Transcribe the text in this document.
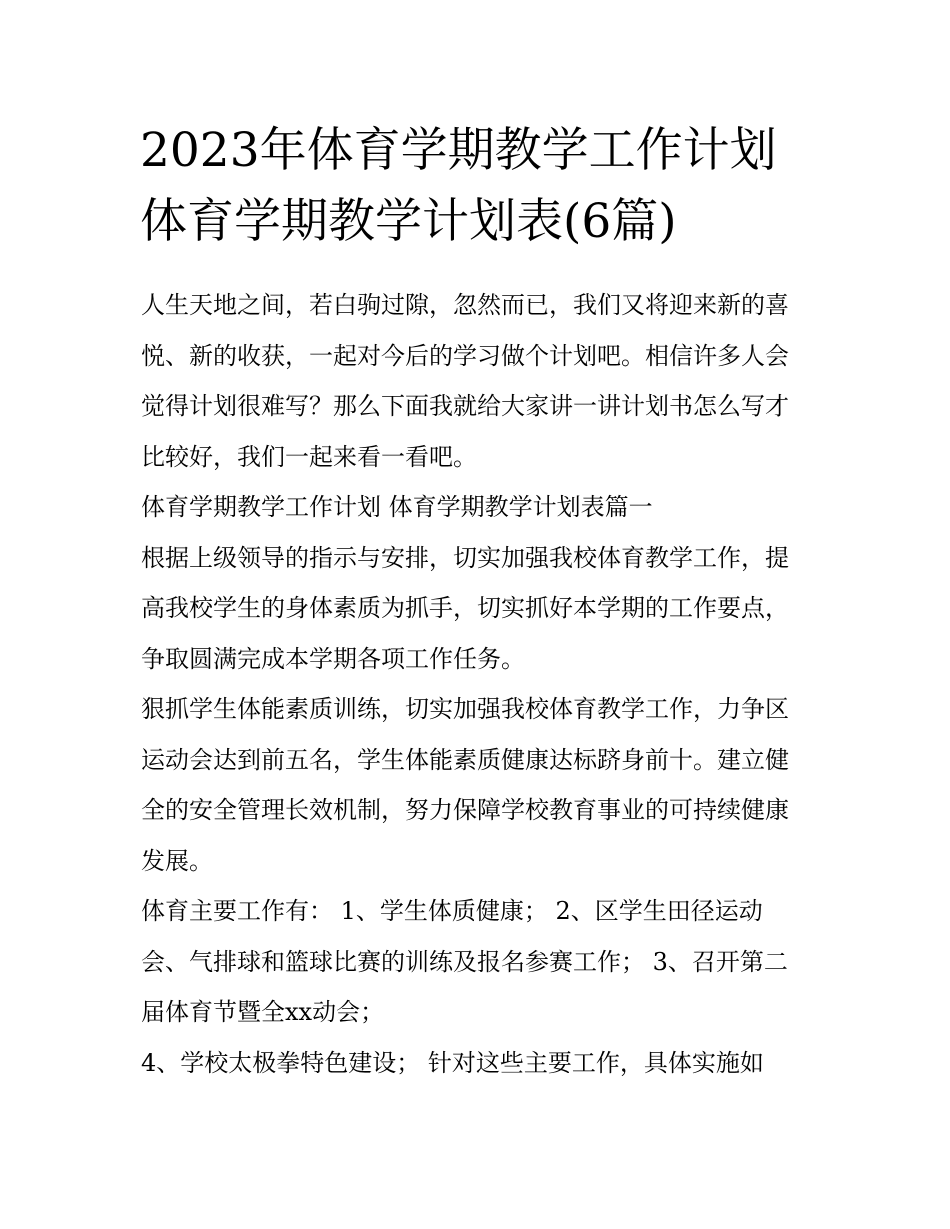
2023年体育学期教学工作计划
体育学期教学计划表(6篇)
人生天地之间，若白驹过隙，忽然而已，我们又将迎来新的喜
悦、新的收获，一起对今后的学习做个计划吧。相信许多人会
觉得计划很难写？那么下面我就给大家讲一讲计划书怎么写才
比较好，我们一起来看一看吧。
体育学期教学工作计划 体育学期教学计划表篇一
根据上级领导的指示与安排，切实加强我校体育教学工作，提
高我校学生的身体素质为抓手，切实抓好本学期的工作要点，
争取圆满完成本学期各项工作任务。
狠抓学生体能素质训练，切实加强我校体育教学工作，力争区
运动会达到前五名，学生体能素质健康达标跻身前十。建立健
全的安全管理长效机制，努力保障学校教育事业的可持续健康
发展。
体育主要工作有： 1、学生体质健康； 2、区学生田径运动
会、气排球和篮球比赛的训练及报名参赛工作； 3、召开第二
届体育节暨全xx动会；
4、学校太极拳特色建设； 针对这些主要工作，具体实施如
